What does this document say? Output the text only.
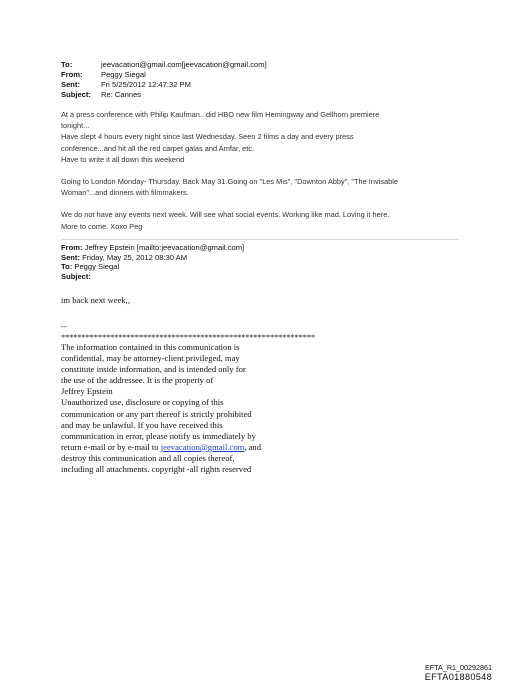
To:	jeevacation@gmail.com[jeevacation@gmail.com]
From:	Peggy Siegal
Sent:	Fri 5/25/2012 12:47:32 PM
Subject:	Re: Cannes
At a press conference with Philip Kaufman...did HBO new film Hemingway and Gellhorn premiere
tonight...
Have slept 4 hours every night since last Wednesday. Seen 2 films a day and every press
conference...and hit all the red carpet galas and Amfar, etc.
Have to write it all down this weekend
Going to London Monday- Thursday. Back May 31.Going on "Les Mis", "Downton Abby", "The Invisable
Woman"...and dinners with filmmakers.
We do not have any events next week. Will see what social events. Working like mad. Loving it here.
More to come. Xoxo Peg
From: Jeffrey Epstein [mailto:jeevacation@gmail.com]
Sent: Friday, May 25, 2012 08:30 AM
To: Peggy Siegal
Subject:
im back next week,,
--
**************************************************************
The information contained in this communication is
confidential, may be attorney-client privileged, may
constitute inside information, and is intended only for
the use of the addressee. It is the property of
Jeffrey Epstein
Unauthorized use, disclosure or copying of this
communication or any part thereof is strictly prohibited
and may be unlawful. If you have received this
communication in error, please notify us immediately by
return e-mail or by e-mail to jeevacation@gmail.com, and
destroy this communication and all copies thereof,
including all attachments. copyright -all rights reserved
EFTA_R1_00292861
EFTA01880548
